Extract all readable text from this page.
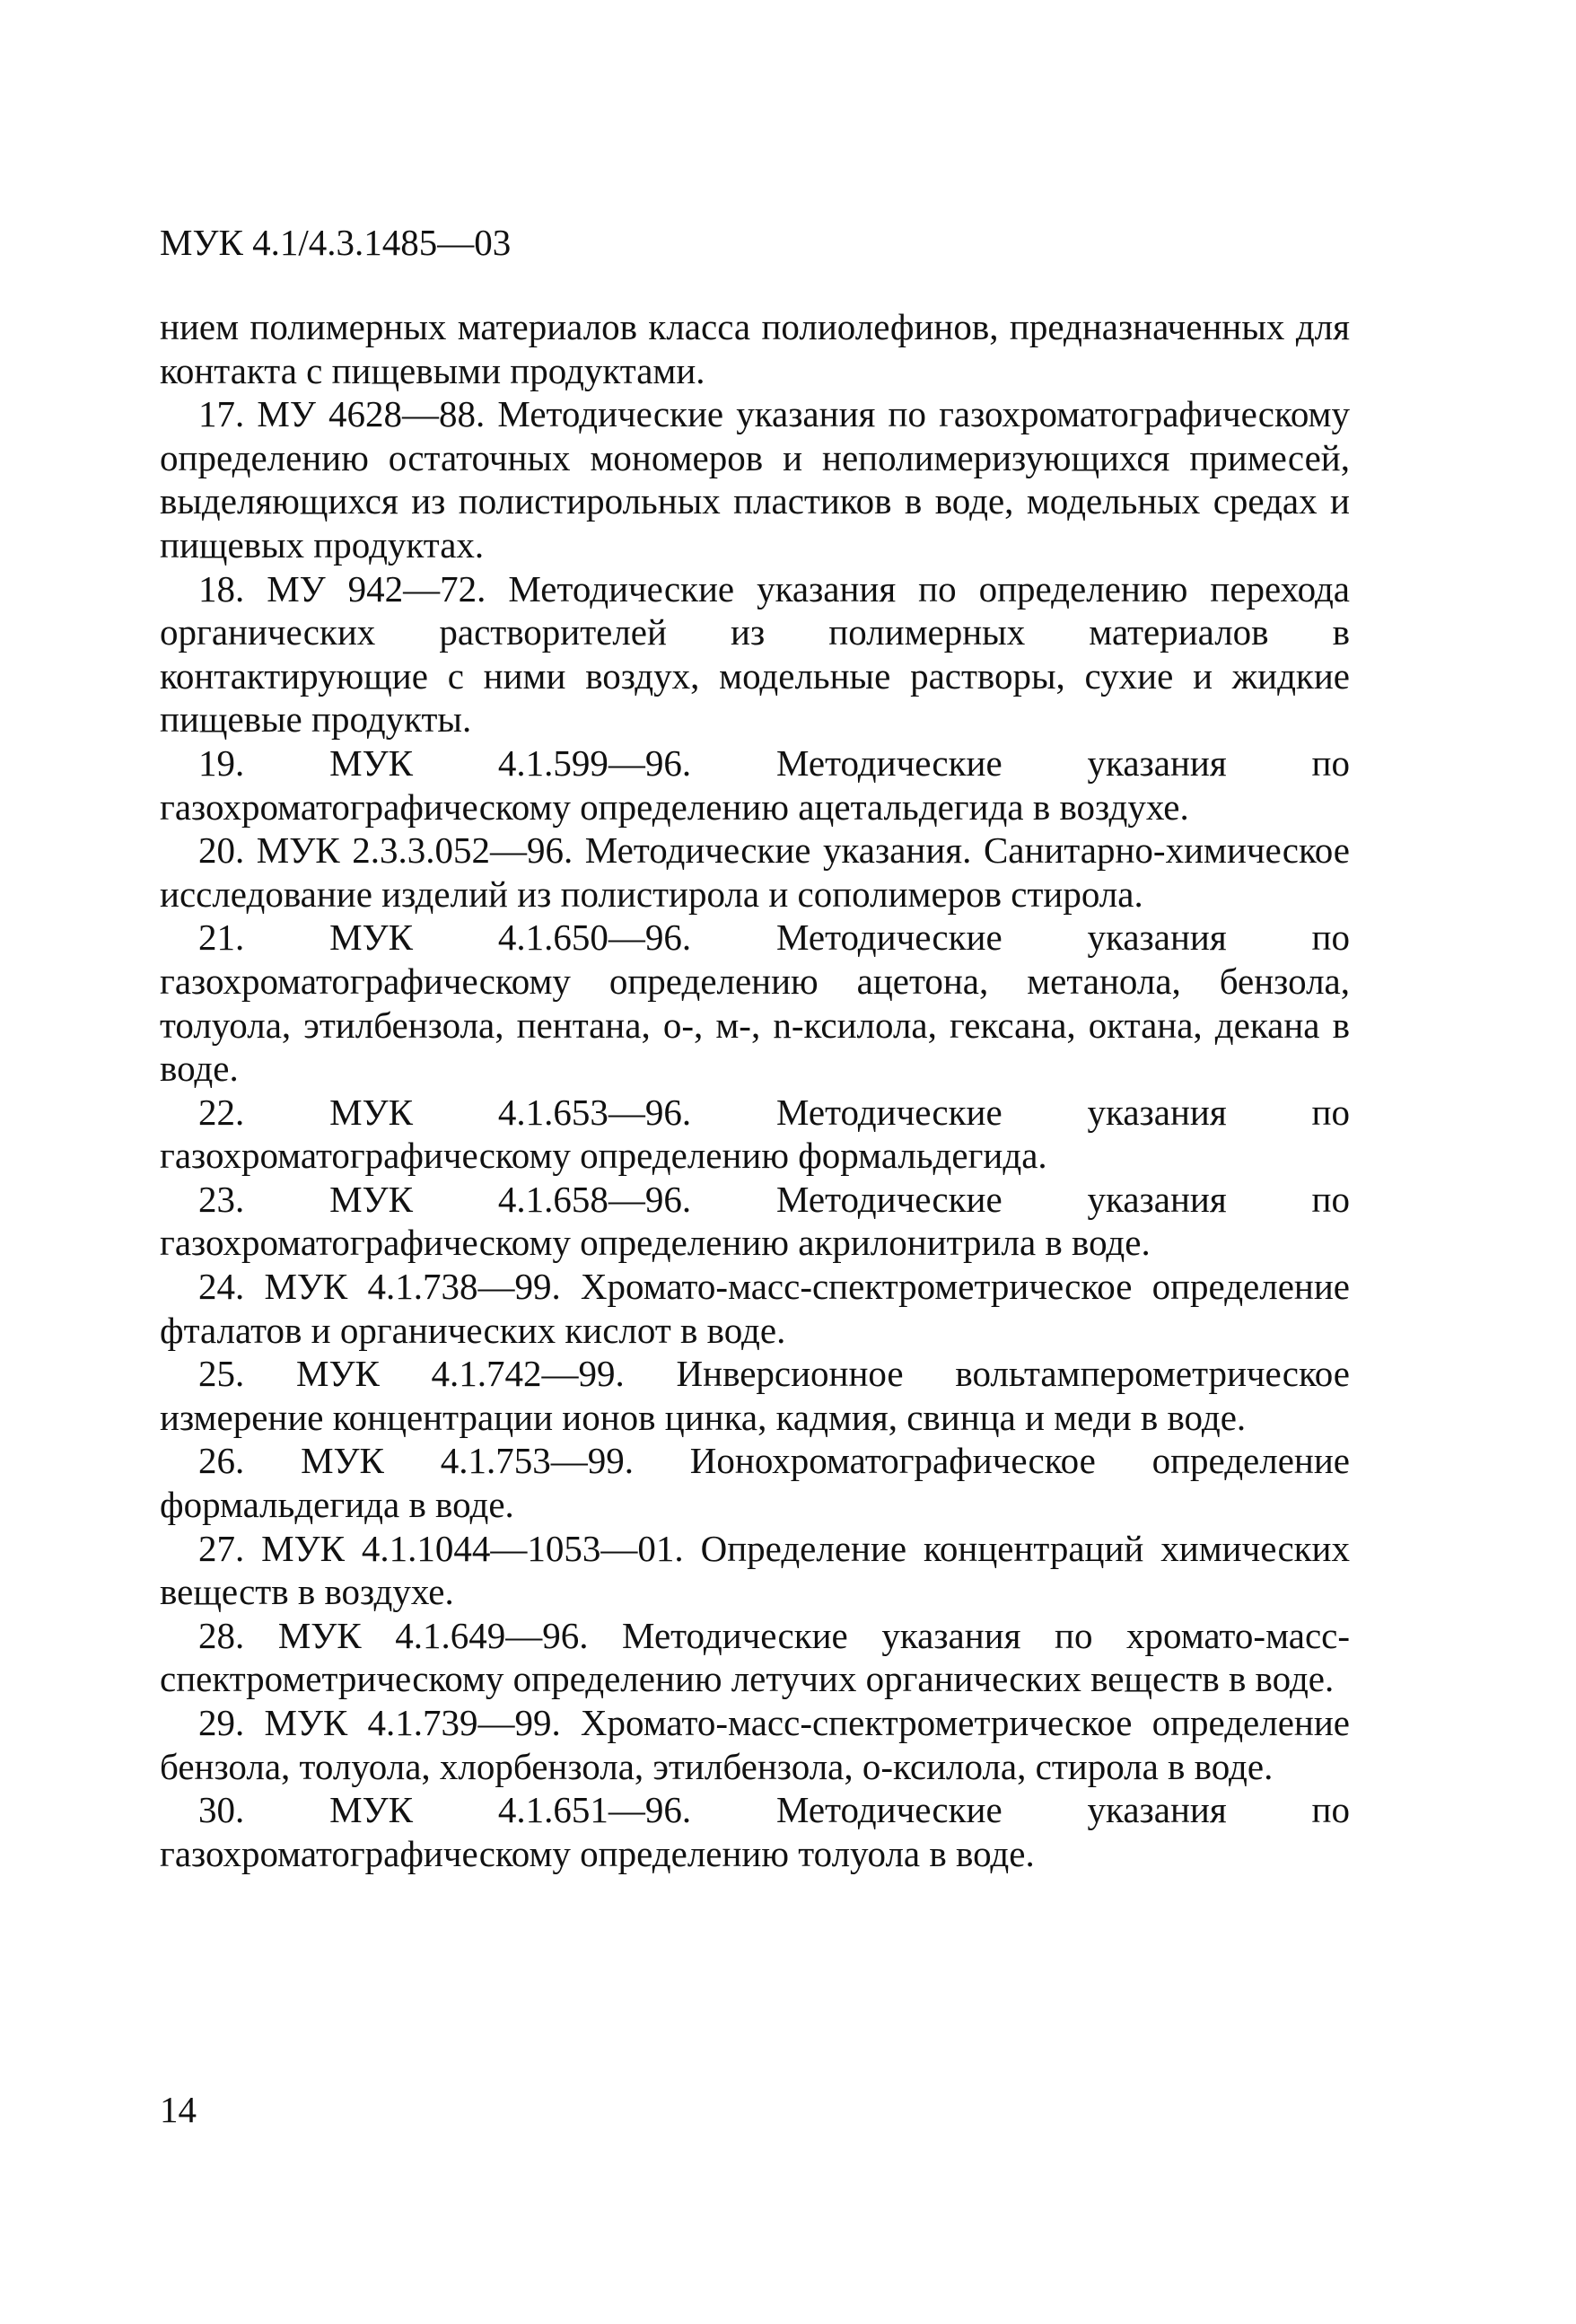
МУК 4.1/4.3.1485—03

нием полимерных материалов класса полиолефинов, предназначенных для контакта с пищевыми продуктами.

17. МУ 4628—88. Методические указания по газохроматографическому определению остаточных мономеров и неполимеризующихся примесей, выделяющихся из полистирольных пластиков в воде, модельных средах и пищевых продуктах.

18. МУ 942—72. Методические указания по определению перехода органических растворителей из полимерных материалов в контактирующие с ними воздух, модельные растворы, сухие и жидкие пищевые продукты.

19. МУК 4.1.599—96. Методические указания по газохроматографическому определению ацетальдегида в воздухе.

20. МУК 2.3.3.052—96. Методические указания. Санитарно-химическое исследование изделий из полистирола и сополимеров стирола.

21. МУК 4.1.650—96. Методические указания по газохроматографическому определению ацетона, метанола, бензола, толуола, этилбензола, пентана, о-, м-, n-ксилола, гексана, октана, декана в воде.

22. МУК 4.1.653—96. Методические указания по газохроматографическому определению формальдегида.

23. МУК 4.1.658—96. Методические указания по газохроматографическому определению акрилонитрила в воде.

24. МУК 4.1.738—99. Хромато-масс-спектрометрическое определение фталатов и органических кислот в воде.

25. МУК 4.1.742—99. Инверсионное вольтамперометрическое измерение концентрации ионов цинка, кадмия, свинца и меди в воде.

26. МУК 4.1.753—99. Ионохроматографическое определение формальдегида в воде.

27. МУК 4.1.1044—1053—01. Определение концентраций химических веществ в воздухе.

28. МУК 4.1.649—96. Методические указания по хромато-масс-спектрометрическому определению летучих органических веществ в воде.

29. МУК 4.1.739—99. Хромато-масс-спектрометрическое определение бензола, толуола, хлорбензола, этилбензола, о-ксилола, стирола в воде.

30. МУК 4.1.651—96. Методические указания по газохроматографическому определению толуола в воде.

14
